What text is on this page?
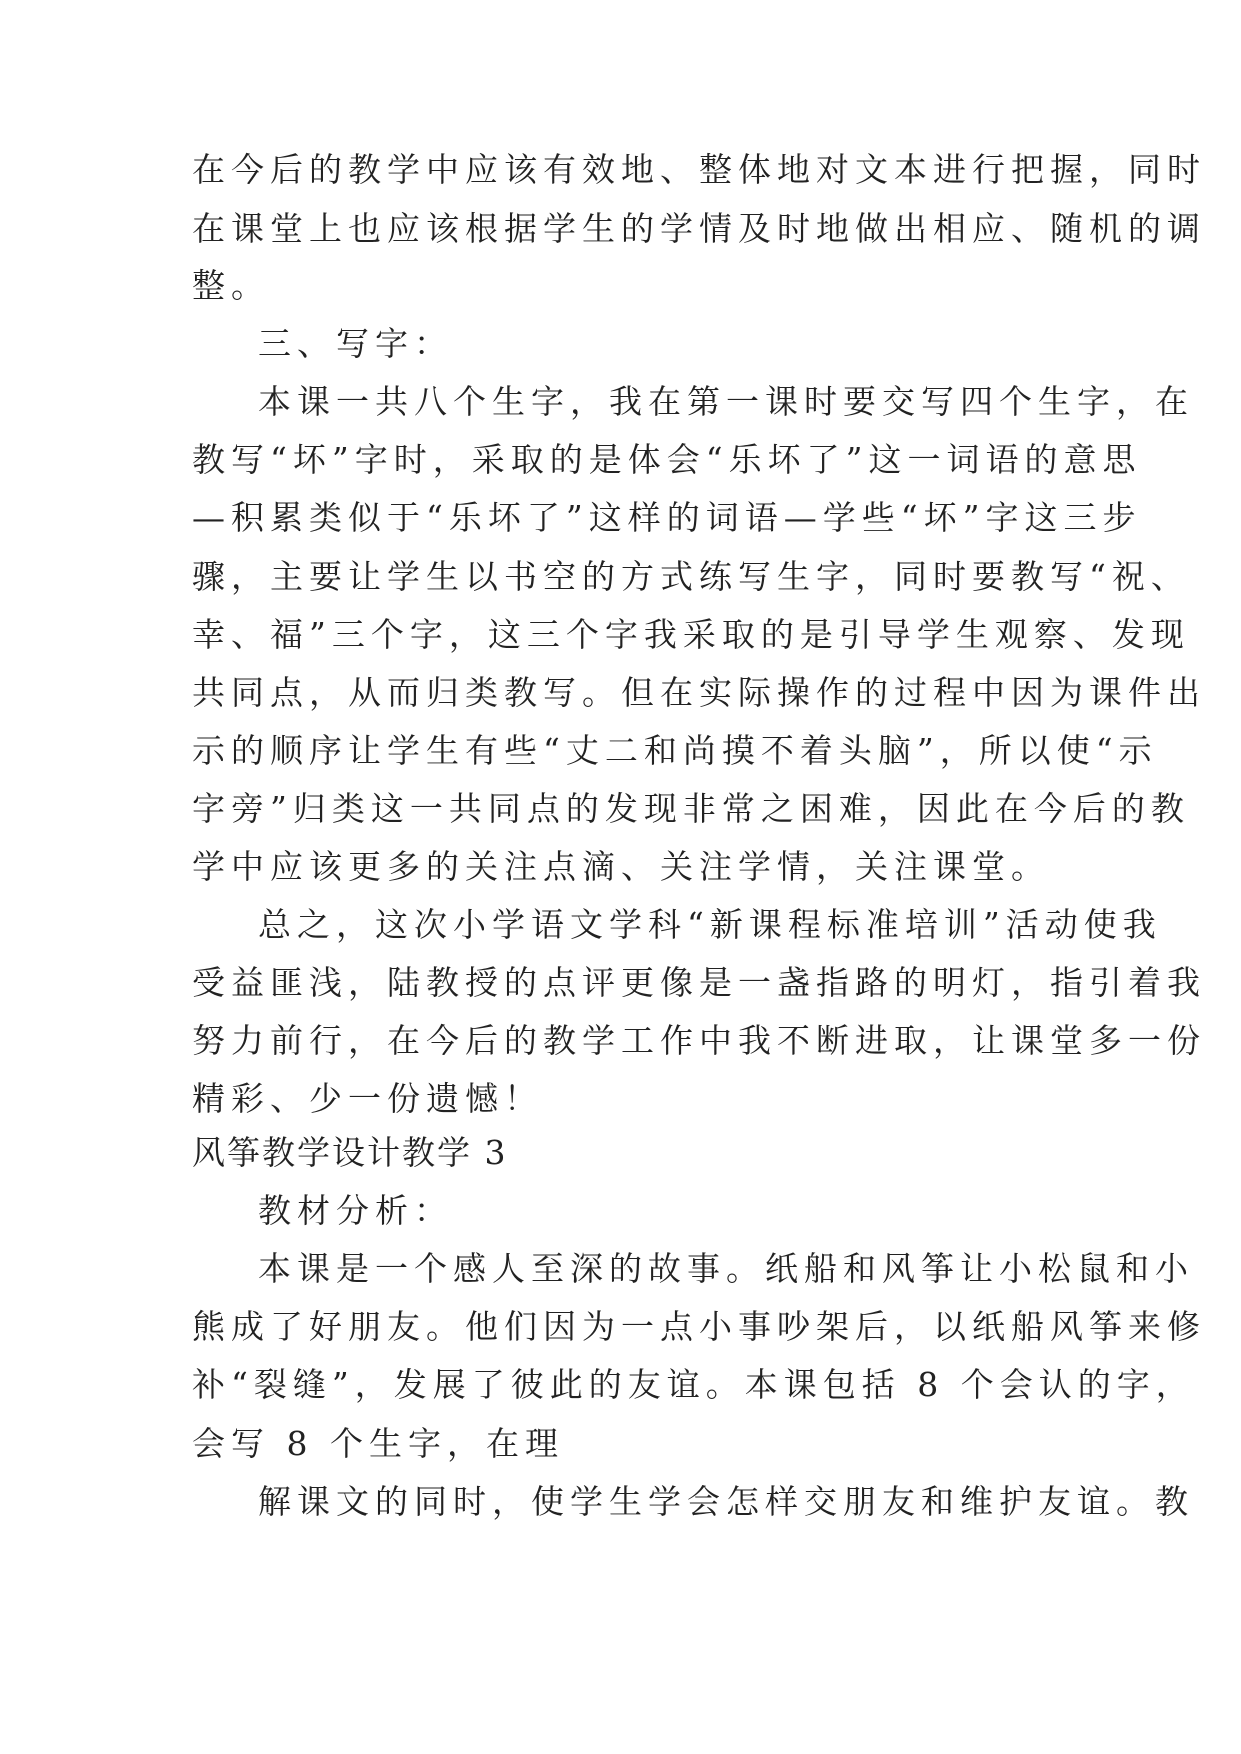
在今后的教学中应该有效地、整体地对文本进行把握，同时
在课堂上也应该根据学生的学情及时地做出相应、随机的调
整。
三、写字：
本课一共八个生字，我在第一课时要交写四个生字，在
教写“坏”字时，采取的是体会“乐坏了”这一词语的意思
—积累类似于“乐坏了”这样的词语—学些“坏”字这三步
骤，主要让学生以书空的方式练写生字，同时要教写“祝、
幸、福”三个字，这三个字我采取的是引导学生观察、发现
共同点，从而归类教写。但在实际操作的过程中因为课件出
示的顺序让学生有些“丈二和尚摸不着头脑”，所以使“示
字旁”归类这一共同点的发现非常之困难，因此在今后的教
学中应该更多的关注点滴、关注学情，关注课堂。
总之，这次小学语文学科“新课程标准培训”活动使我
受益匪浅，陆教授的点评更像是一盏指路的明灯，指引着我
努力前行，在今后的教学工作中我不断进取，让课堂多一份
精彩、少一份遗憾！
风筝教学设计教学 3
教材分析：
本课是一个感人至深的故事。纸船和风筝让小松鼠和小
熊成了好朋友。他们因为一点小事吵架后，以纸船风筝来修
补“裂缝”，发展了彼此的友谊。本课包括 8 个会认的字，
会写 8 个生字，在理
解课文的同时，使学生学会怎样交朋友和维护友谊。教
